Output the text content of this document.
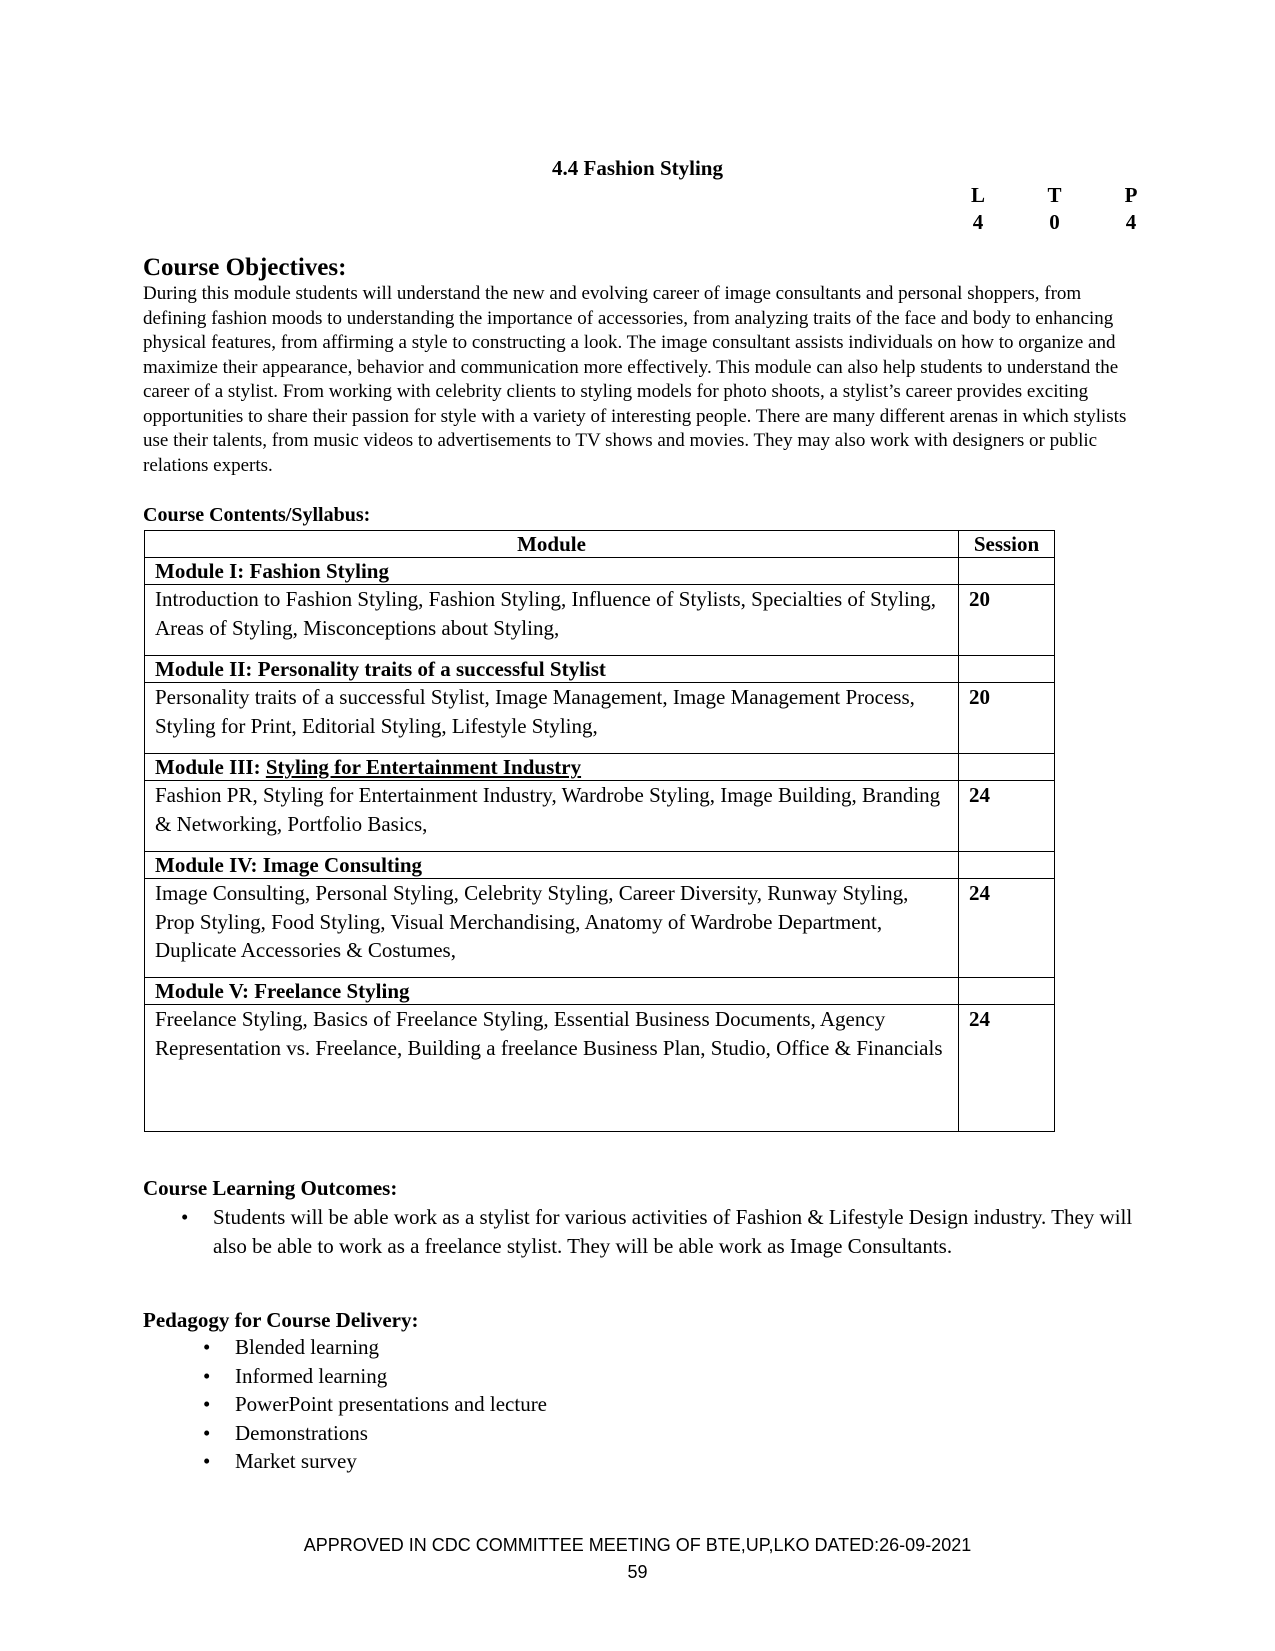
4.4 Fashion Styling
L	T	P
4	0	4
Course Objectives:

During this module students will understand the new and evolving career of image consultants and personal shoppers, from defining fashion moods to understanding the importance of accessories, from analyzing traits of the face and body to enhancing physical features, from affirming a style to constructing a look. The image consultant assists individuals on how to organize and maximize their appearance, behavior and communication more effectively. This module can also help students to understand the career of a stylist. From working with celebrity clients to styling models for photo shoots, a stylist’s career provides exciting opportunities to share their passion for style with a variety of interesting people. There are many different arenas in which stylists use their talents, from music videos to advertisements to TV shows and movies. They may also work with designers or public relations experts.

Course Contents/Syllabus:
Module	Session
Module I: Fashion Styling	
Introduction to Fashion Styling, Fashion Styling, Influence of Stylists, Specialties of Styling, Areas of Styling, Misconceptions about Styling,	20
Module II: Personality traits of a successful Stylist	
Personality traits of a successful Stylist, Image Management, Image Management Process, Styling for Print, Editorial Styling, Lifestyle Styling,	20
Module III: Styling for Entertainment Industry	
Fashion PR, Styling for Entertainment Industry, Wardrobe Styling, Image Building, Branding & Networking, Portfolio Basics,	24
Module IV: Image Consulting	
Image Consulting, Personal Styling, Celebrity Styling, Career Diversity, Runway Styling, Prop Styling, Food Styling, Visual Merchandising, Anatomy of Wardrobe Department, Duplicate Accessories & Costumes,	24
Module V: Freelance Styling	
Freelance Styling, Basics of Freelance Styling, Essential Business Documents, Agency Representation vs. Freelance, Building a freelance Business Plan, Studio, Office & Financials	24
Course Learning Outcomes:
• Students will be able work as a stylist for various activities of Fashion & Lifestyle Design industry. They will also be able to work as a freelance stylist. They will be able work as Image Consultants.
Pedagogy for Course Delivery:
• Blended learning
• Informed learning
• PowerPoint presentations and lecture
• Demonstrations
• Market survey

APPROVED IN CDC COMMITTEE MEETING OF BTE,UP,LKO DATED:26-09-2021

59
